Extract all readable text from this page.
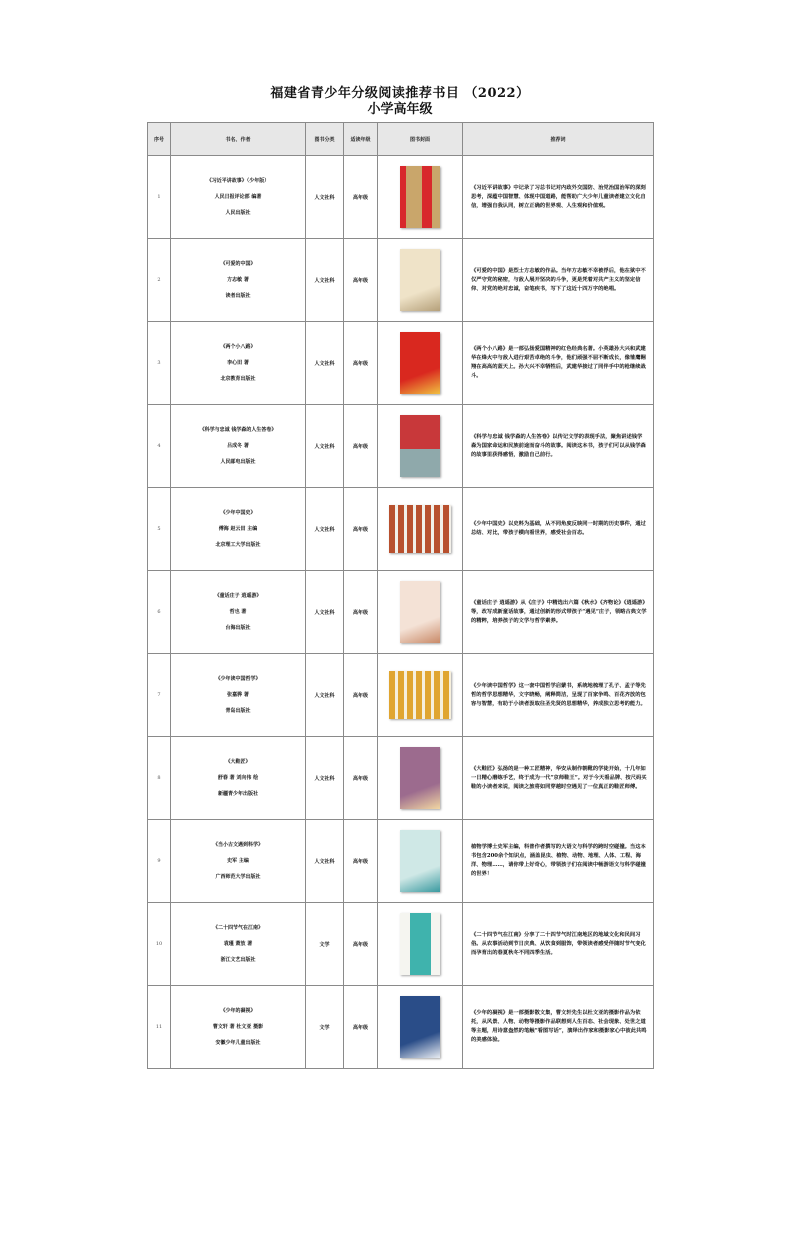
福建省青少年分级阅读推荐书目 （2022）
小学高年级
序号	书名、作者	图书分类	适读年级	图书封面	推荐词
1	《习近平讲故事》（少年版）
人民日报评论部 编著
人民出版社	人文社科	高年级		《习近平讲故事》中记录了习总书记对内政外交国防、治党治国治军的深刻思考，深蕴中国智慧、体现中国道路，能帮助广大少年儿童读者建立文化自信，增强自我认同，树立正确的世界观、人生观和价值观。
2	《可爱的中国》
方志敏 著
读者出版社	人文社科	高年级		《可爱的中国》是烈士方志敏的作品。当年方志敏不幸被俘后，他在狱中不仅严守党的秘密，与敌人展开坚决的斗争，更是凭着对共产主义的坚定信仰、对党的绝对忠诚，奋笔疾书，写下了这近十四万字的绝唱。
3	《两个小八路》
李心田 著
北京教育出版社	人文社科	高年级		《两个小八路》是一部弘扬爱国精神的红色经典名著。小英雄孙大兴和武建华在烽火中与敌人进行艰苦卓绝的斗争，他们顽强不屈不断成长，像雏鹰翱翔在高高的蓝天上。孙大兴不幸牺牲后，武建华接过了同伴手中的枪继续战斗。
4	《科学与忠诚 钱学森的人生答卷》
吕成冬 著
人民邮电出版社	人文社科	高年级		《科学与忠诚 钱学森的人生答卷》以传记文学的表现手法，聚焦讲述钱学森为国家命运和民族前途而奋斗的故事。阅读这本书，孩子们可以从钱学森的故事里获得感悟，激励自己前行。
5	《少年中国史》
傅海 赵云田 主编
北京理工大学出版社	人文社科	高年级		《少年中国史》以史料为基础，从不同角度反映同一时期的历史事件，通过总结、对比，带孩子横向看世界，感受社会百态。
6	《童话庄子 逍遥游》
哲也 著
台海出版社	人文社科	高年级		《童话庄子 逍遥游》从《庄子》中精选出六篇《秋水》《齐物论》《逍遥游》等，改写成新童话故事，通过创新的形式带孩子“遇见”庄子，领略古典文学的精粹，培养孩子的文学与哲学素养。
7	《少年读中国哲学》
张嘉骅 著
青岛出版社	人文社科	高年级		《少年读中国哲学》这一套中国哲学启蒙书，系统地梳理了孔子、孟子等先哲的哲学思想精华，文字晓畅，阐释简洁，呈现了百家争鸣、百花齐放的包容与智慧，有助于小读者汲取往圣先贤的思想精华，养成独立思考的能力。
8	《大鞋匠》
舒春 著 刘向伟 绘
新疆青少年出版社	人文社科	高年级		《大鞋匠》弘扬的是一种工匠精神，华安从制作朝靴的学徒开始，十几年如一日精心磨练手艺，终于成为一代“京师鞋王”。对于今天看品牌、按尺码买鞋的小读者来说，阅读之旅将如同穿越时空遇见了一位真正的鞋匠师傅。
9	《当小古文遇到科学》
史军 主编
广西师范大学出版社	人文社科	高年级		植物学博士史军主编，科普作者撰写的大语文与科学的跨时空碰撞。当这本书包含200余个知识点，涵盖昆虫、植物、动物、地理、人体、工程、海洋、物理……，请你带上好奇心，带领孩子们在阅读中畅游语文与科学碰撞的世界！
10	《二十四节气在江南》
袁瑾 萧放 著
浙江文艺出版社	文学	高年级		《二十四节气在江南》分享了二十四节气时江南地区的地域文化和民间习俗。从农事活动到节日庆典、从饮食到服饰，带领读者感受伴随时节气变化而孕育出的春夏秋冬不同四季生活。
11	《少年的凝视》
曹文轩 著 杜文亚 摄影
安徽少年儿童出版社	文学	高年级		《少年的凝视》是一部摄影散文集，曹文轩先生以杜文亚的摄影作品为依托，从风景、人物、动物等摄影作品联想到人生百态、社会现象、处世之道等主题，用诗意盎然的笔触“看图写话”，演绎出作家和摄影家心中彼此共鸣的美感体验。
